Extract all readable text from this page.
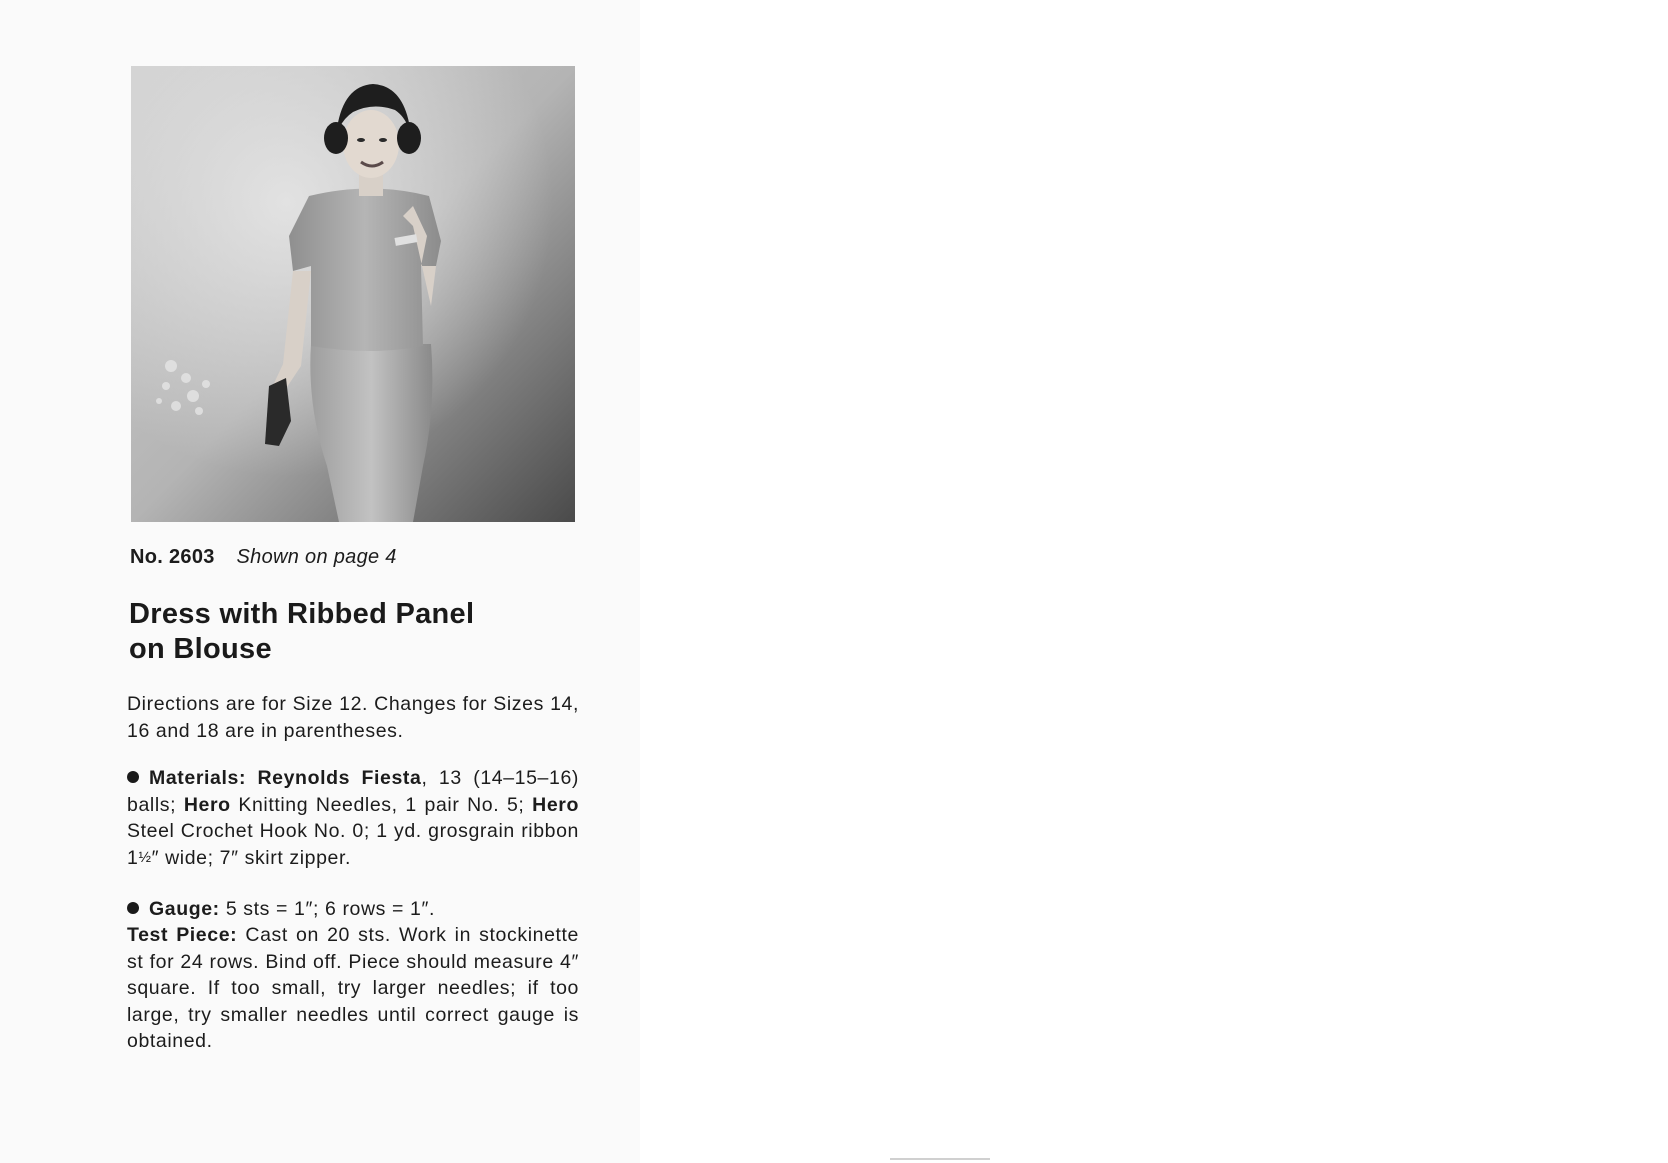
No. 2603 Shown on page 4
Dress with Ribbed Panel
on Blouse

Directions are for Size 12. Changes for Sizes 14, 16 and 18 are in parentheses.

Materials: Reynolds Fiesta, 13 (14–15–16) balls; Hero Knitting Needles, 1 pair No. 5; Hero Steel Crochet Hook No. 0; 1 yd. grosgrain ribbon 1½″ wide; 7″ skirt zipper.

Gauge: 5 sts = 1″; 6 rows = 1″.

Test Piece: Cast on 20 sts. Work in stockinette st for 24 rows. Bind off. Piece should measure 4″ square. If too small, try larger needles; if too large, try smaller needles until correct gauge is obtained.
